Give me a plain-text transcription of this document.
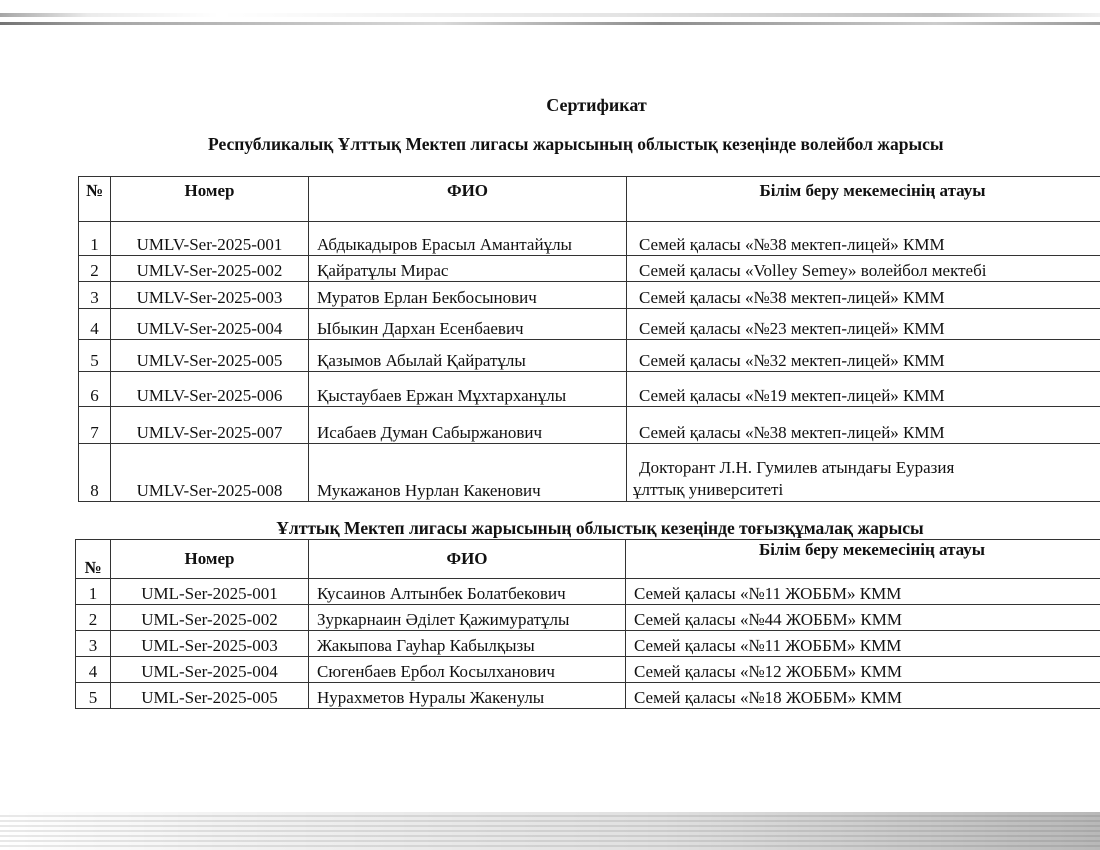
Сертификат
Республикалық Ұлттық Мектеп лигасы жарысының облыстық кезеңінде волейбол жарысы
№	Номер	ФИО	Білім беру мекемесінің атауы
1	UMLV-Ser-2025-001	Абдыкадыров Ерасыл Амантайұлы	Семей қаласы «№38 мектеп-лицей» КММ
2	UMLV-Ser-2025-002	Қайратұлы Мирас	Семей қаласы «Volley Semey» волейбол мектебі
3	UMLV-Ser-2025-003	Муратов Ерлан Бекбосынович	Семей қаласы «№38 мектеп-лицей» КММ
4	UMLV-Ser-2025-004	Ыбыкин Дархан Есенбаевич	Семей қаласы «№23 мектеп-лицей» КММ
5	UMLV-Ser-2025-005	Қазымов Абылай Қайратұлы	Семей қаласы «№32 мектеп-лицей» КММ
6	UMLV-Ser-2025-006	Қыстаубаев Ержан Мұхтарханұлы	Семей қаласы «№19 мектеп-лицей» КММ
7	UMLV-Ser-2025-007	Исабаев Думан Сабыржанович	Семей қаласы «№38 мектеп-лицей» КММ
8	UMLV-Ser-2025-008	Мукажанов Нурлан Какенович	Докторант Л.Н. Гумилев атындағы Еуразия
ұлттық университеті
Ұлттық Мектеп лигасы жарысының облыстық кезеңінде тоғызқұмалақ жарысы
№	Номер	ФИО	Білім беру мекемесінің атауы
1	UML-Ser-2025-001	Кусаинов Алтынбек Болатбекович	Семей қаласы «№11 ЖОББМ» КММ
2	UML-Ser-2025-002	Зуркарнаин Әділет Қажимуратұлы	Семей қаласы «№44 ЖОББМ» КММ
3	UML-Ser-2025-003	Жакыпова Гауһар Кабылқызы	Семей қаласы «№11 ЖОББМ» КММ
4	UML-Ser-2025-004	Сюгенбаев Ербол Косылханович	Семей қаласы «№12 ЖОББМ» КММ
5	UML-Ser-2025-005	Нурахметов Нуралы Жакенулы	Семей қаласы «№18 ЖОББМ» КММ
